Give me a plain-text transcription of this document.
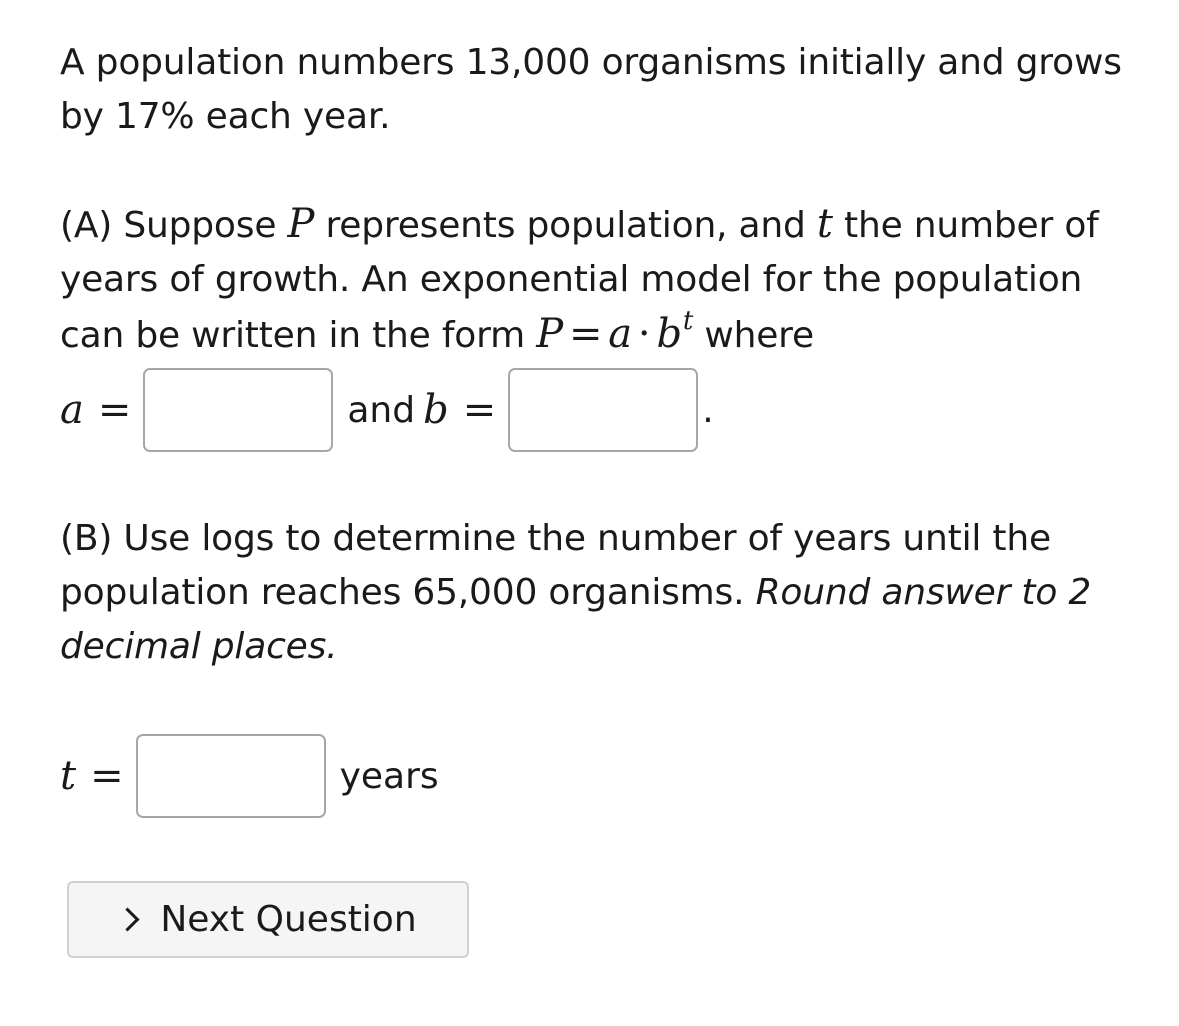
A population numbers 13,000 organisms initially and grows by 17% each year.
(A) Suppose P represents population, and t the number of years of growth. An exponential model for the population can be written in the form $P = a \cdot b^t$ where
a =	and b =	.
(B) Use logs to determine the number of years until the population reaches 65,000 organisms. Round answer to 2 decimal places.
t =	years
Next Question
